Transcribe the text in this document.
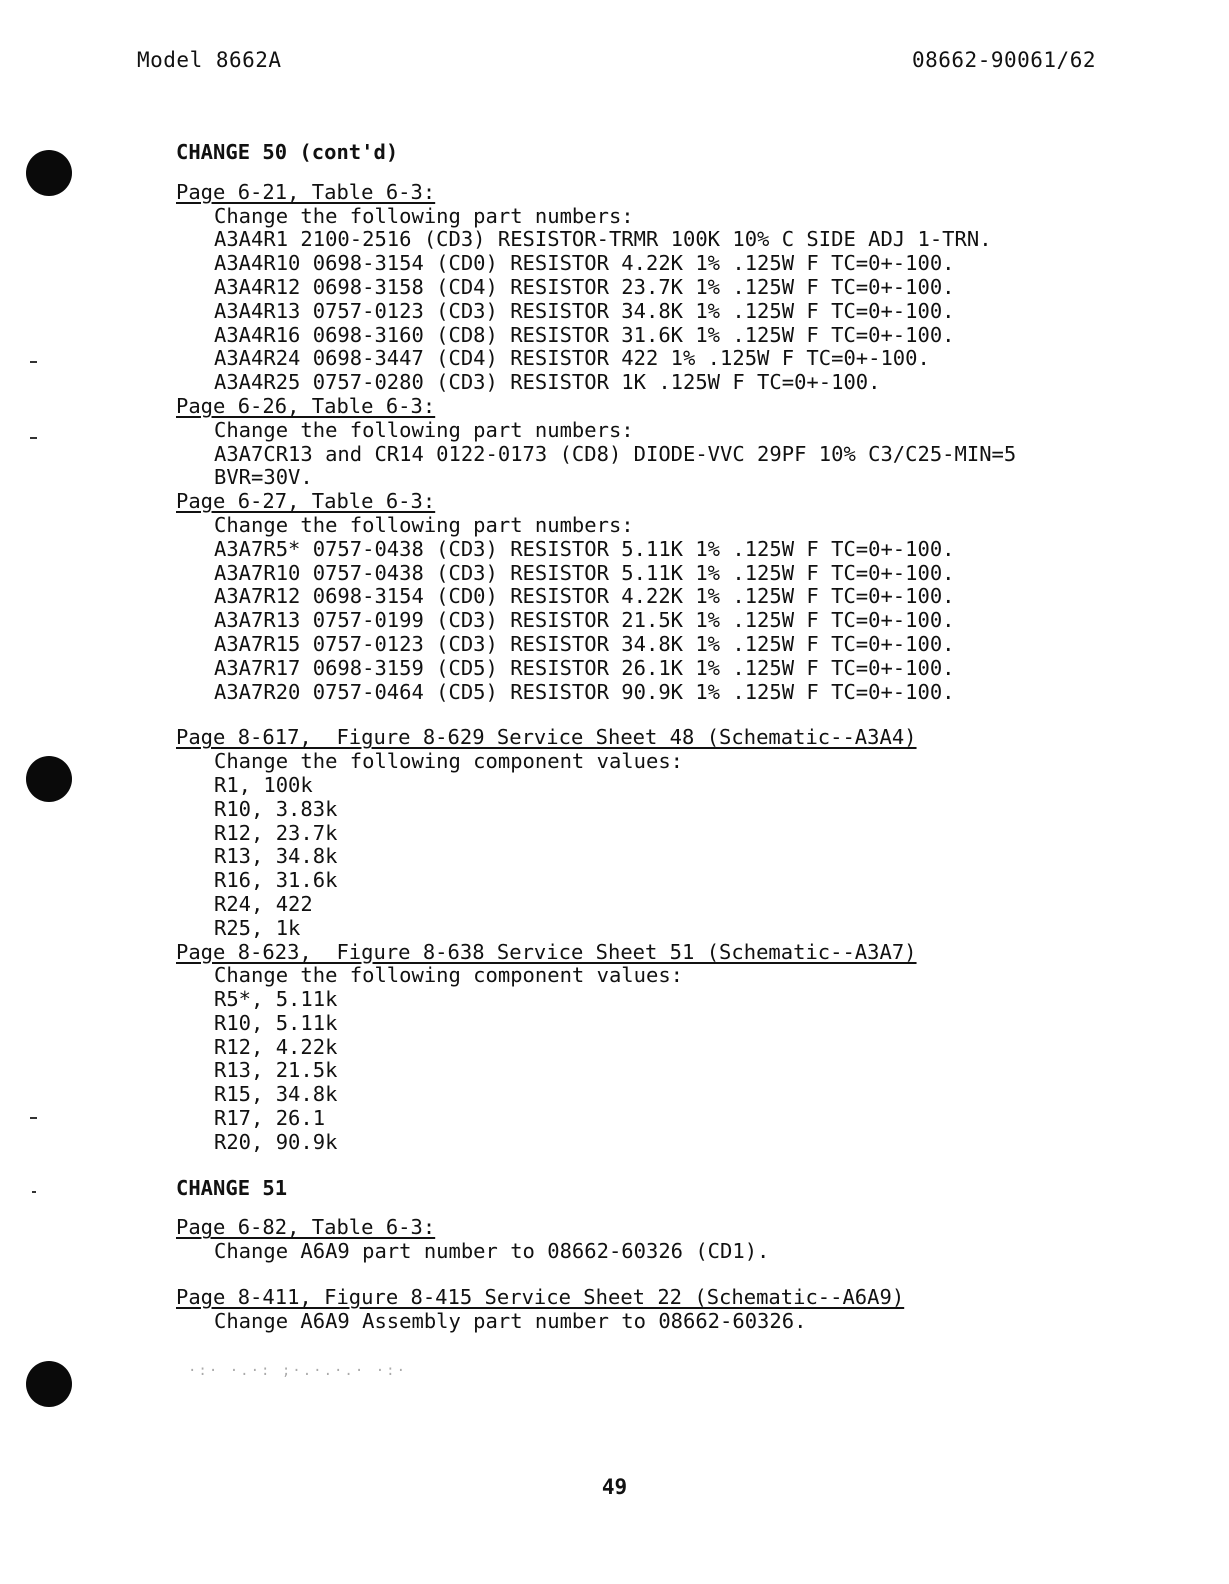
Model 8662A	08662-90061/62
CHANGE 50 (cont'd)
Page 6-21, Table 6-3:
Change the following part numbers:
A3A4R1 2100-2516 (CD3) RESISTOR-TRMR 100K 10% C SIDE ADJ 1-TRN.
A3A4R10 0698-3154 (CD0) RESISTOR 4.22K 1% .125W F TC=0+-100.
A3A4R12 0698-3158 (CD4) RESISTOR 23.7K 1% .125W F TC=0+-100.
A3A4R13 0757-0123 (CD3) RESISTOR 34.8K 1% .125W F TC=0+-100.
A3A4R16 0698-3160 (CD8) RESISTOR 31.6K 1% .125W F TC=0+-100.
A3A4R24 0698-3447 (CD4) RESISTOR 422 1% .125W F TC=0+-100.
A3A4R25 0757-0280 (CD3) RESISTOR 1K .125W F TC=0+-100.
Page 6-26, Table 6-3:
Change the following part numbers:
A3A7CR13 and CR14 0122-0173 (CD8) DIODE-VVC 29PF 10% C3/C25-MIN=5
BVR=30V.
Page 6-27, Table 6-3:
Change the following part numbers:
A3A7R5* 0757-0438 (CD3) RESISTOR 5.11K 1% .125W F TC=0+-100.
A3A7R10 0757-0438 (CD3) RESISTOR 5.11K 1% .125W F TC=0+-100.
A3A7R12 0698-3154 (CD0) RESISTOR 4.22K 1% .125W F TC=0+-100.
A3A7R13 0757-0199 (CD3) RESISTOR 21.5K 1% .125W F TC=0+-100.
A3A7R15 0757-0123 (CD3) RESISTOR 34.8K 1% .125W F TC=0+-100.
A3A7R17 0698-3159 (CD5) RESISTOR 26.1K 1% .125W F TC=0+-100.
A3A7R20 0757-0464 (CD5) RESISTOR 90.9K 1% .125W F TC=0+-100.
Page 8-617,  Figure 8-629 Service Sheet 48 (Schematic--A3A4)
Change the following component values:
R1, 100k
R10, 3.83k
R12, 23.7k
R13, 34.8k
R16, 31.6k
R24, 422
R25, 1k
Page 8-623,  Figure 8-638 Service Sheet 51 (Schematic--A3A7)
Change the following component values:
R5*, 5.11k
R10, 5.11k
R12, 4.22k
R13, 21.5k
R15, 34.8k
R17, 26.1
R20, 90.9k
CHANGE 51
Page 6-82, Table 6-3:
Change A6A9 part number to 08662-60326 (CD1).
Page 8-411, Figure 8-415 Service Sheet 22 (Schematic--A6A9)
Change A6A9 Assembly part number to 08662-60326.
·:· ·.·: ;·.·.·.· ·:·
49
